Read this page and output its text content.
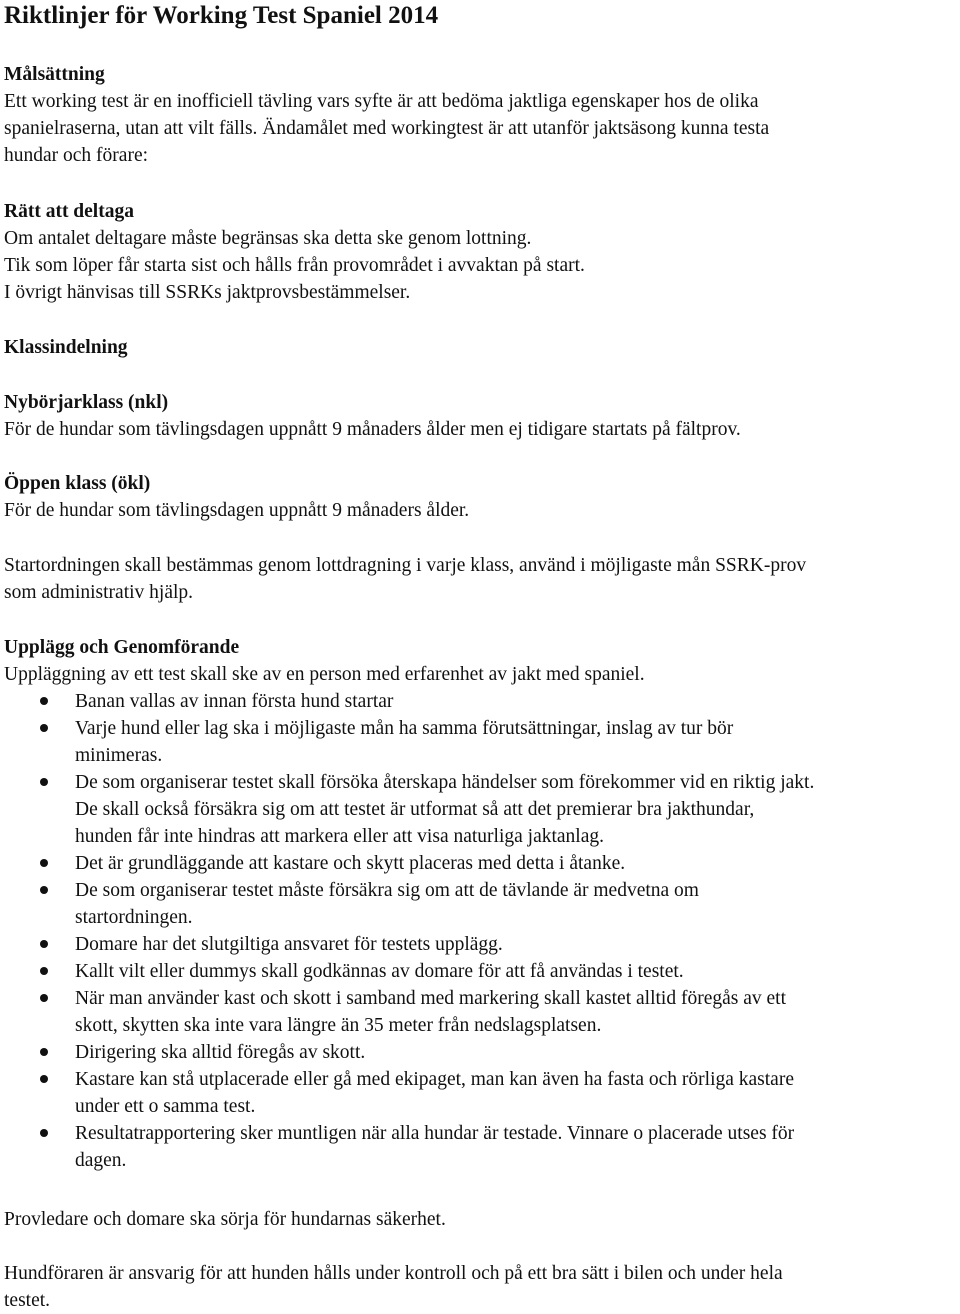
Riktlinjer för Working Test Spaniel 2014
Målsättning
Ett working test är en inofficiell tävling vars syfte är att bedöma jaktliga egenskaper hos de olika
spanielraserna, utan att vilt fälls. Ändamålet med workingtest är att utanför jaktsäsong kunna testa
hundar och förare:
Rätt att deltaga
Om antalet deltagare måste begränsas ska detta ske genom lottning.
Tik som löper får starta sist och hålls från provområdet i avvaktan på start.
I övrigt hänvisas till SSRKs jaktprovsbestämmelser.
Klassindelning
Nybörjarklass (nkl)
För de hundar som tävlingsdagen uppnått 9 månaders ålder men ej tidigare startats på fältprov.
Öppen klass (ökl)
För de hundar som tävlingsdagen uppnått 9 månaders ålder.
Startordningen skall bestämmas genom lottdragning i varje klass, använd i möjligaste mån SSRK-prov
som administrativ hjälp.
Upplägg och Genomförande
Uppläggning av ett test skall ske av en person med erfarenhet av jakt med spaniel.
Banan vallas av innan första hund startar
Varje hund eller lag ska i möjligaste mån ha samma förutsättningar, inslag av tur bör
minimeras.
De som organiserar testet skall försöka återskapa händelser som förekommer vid en riktig jakt.
De skall också försäkra sig om att testet är utformat så att det premierar bra jakthundar,
hunden får inte hindras att markera eller att visa naturliga jaktanlag.
Det är grundläggande att kastare och skytt placeras med detta i åtanke.
De som organiserar testet måste försäkra sig om att de tävlande är medvetna om
startordningen.
Domare har det slutgiltiga ansvaret för testets upplägg.
Kallt vilt eller dummys skall godkännas av domare för att få användas i testet.
När man använder kast och skott i samband med markering skall kastet alltid föregås av ett
skott, skytten ska inte vara längre än 35 meter från nedslagsplatsen.
Dirigering ska alltid föregås av skott.
Kastare kan stå utplacerade eller gå med ekipaget, man kan även ha fasta och rörliga kastare
under ett o samma test.
Resultatrapportering sker muntligen när alla hundar är testade. Vinnare o placerade utses för
dagen.
Provledare och domare ska sörja för hundarnas säkerhet.
Hundföraren är ansvarig för att hunden hålls under kontroll och på ett bra sätt i bilen och under hela
testet.
